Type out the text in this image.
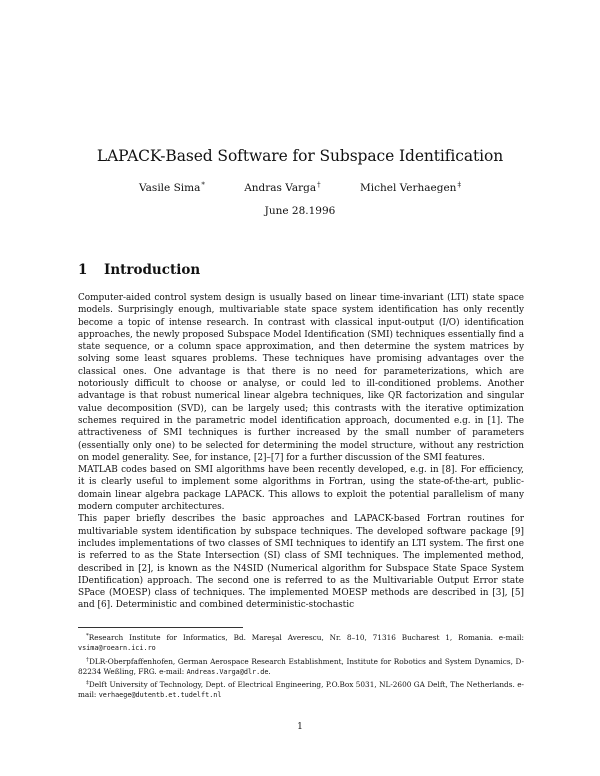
LAPACK-Based Software for Subspace Identification
Vasile Sima*	Andras Varga†	Michel Verhaegen‡
June 28.1996
1 Introduction

Computer-aided control system design is usually based on linear time-invariant (LTI) state space models. Surprisingly enough, multivariable state space system identification has only recently become a topic of intense research. In contrast with classical input-output (I/O) identification approaches, the newly proposed Subspace Model Identification (SMI) techniques essentially find a state sequence, or a column space approximation, and then determine the system matrices by solving some least squares problems. These techniques have promising advantages over the classical ones. One advantage is that there is no need for parameterizations, which are notoriously difficult to choose or analyse, or could led to ill-conditioned problems. Another advantage is that robust numerical linear algebra techniques, like QR factorization and singular value decomposition (SVD), can be largely used; this contrasts with the iterative optimization schemes required in the parametric model identification approach, documented e.g. in [1]. The attractiveness of SMI techniques is further increased by the small number of parameters (essentially only one) to be selected for determining the model structure, without any restriction on model generality. See, for instance, [2]–[7] for a further discussion of the SMI features.

MATLAB codes based on SMI algorithms have been recently developed, e.g. in [8]. For efficiency, it is clearly useful to implement some algorithms in Fortran, using the state-of-the-art, public-domain linear algebra package LAPACK. This allows to exploit the potential parallelism of many modern computer architectures.

This paper briefly describes the basic approaches and LAPACK-based Fortran routines for multivariable system identification by subspace techniques. The developed software package [9] includes implementations of two classes of SMI techniques to identify an LTI system. The first one is referred to as the State Intersection (SI) class of SMI techniques. The implemented method, described in [2], is known as the N4SID (Numerical algorithm for Subspace State Space System IDentification) approach. The second one is referred to as the Multivariable Output Error state SPace (MOESP) class of techniques. The implemented MOESP methods are described in [3], [5] and [6]. Deterministic and combined deterministic-stochastic

*Research Institute for Informatics, Bd. Mareşal Averescu, Nr. 8–10, 71316 Bucharest 1, Romania. e-mail: vsima@roearn.ici.ro

†DLR-Oberpfaffenhofen, German Aerospace Research Establishment, Institute for Robotics and System Dynamics, D-82234 Weßling, FRG. e-mail: Andreas.Varga@dlr.de.

‡Delft University of Technology, Dept. of Electrical Engineering, P.O.Box 5031, NL-2600 GA Delft, The Netherlands. e-mail: verhaege@dutentb.et.tudelft.nl

1
